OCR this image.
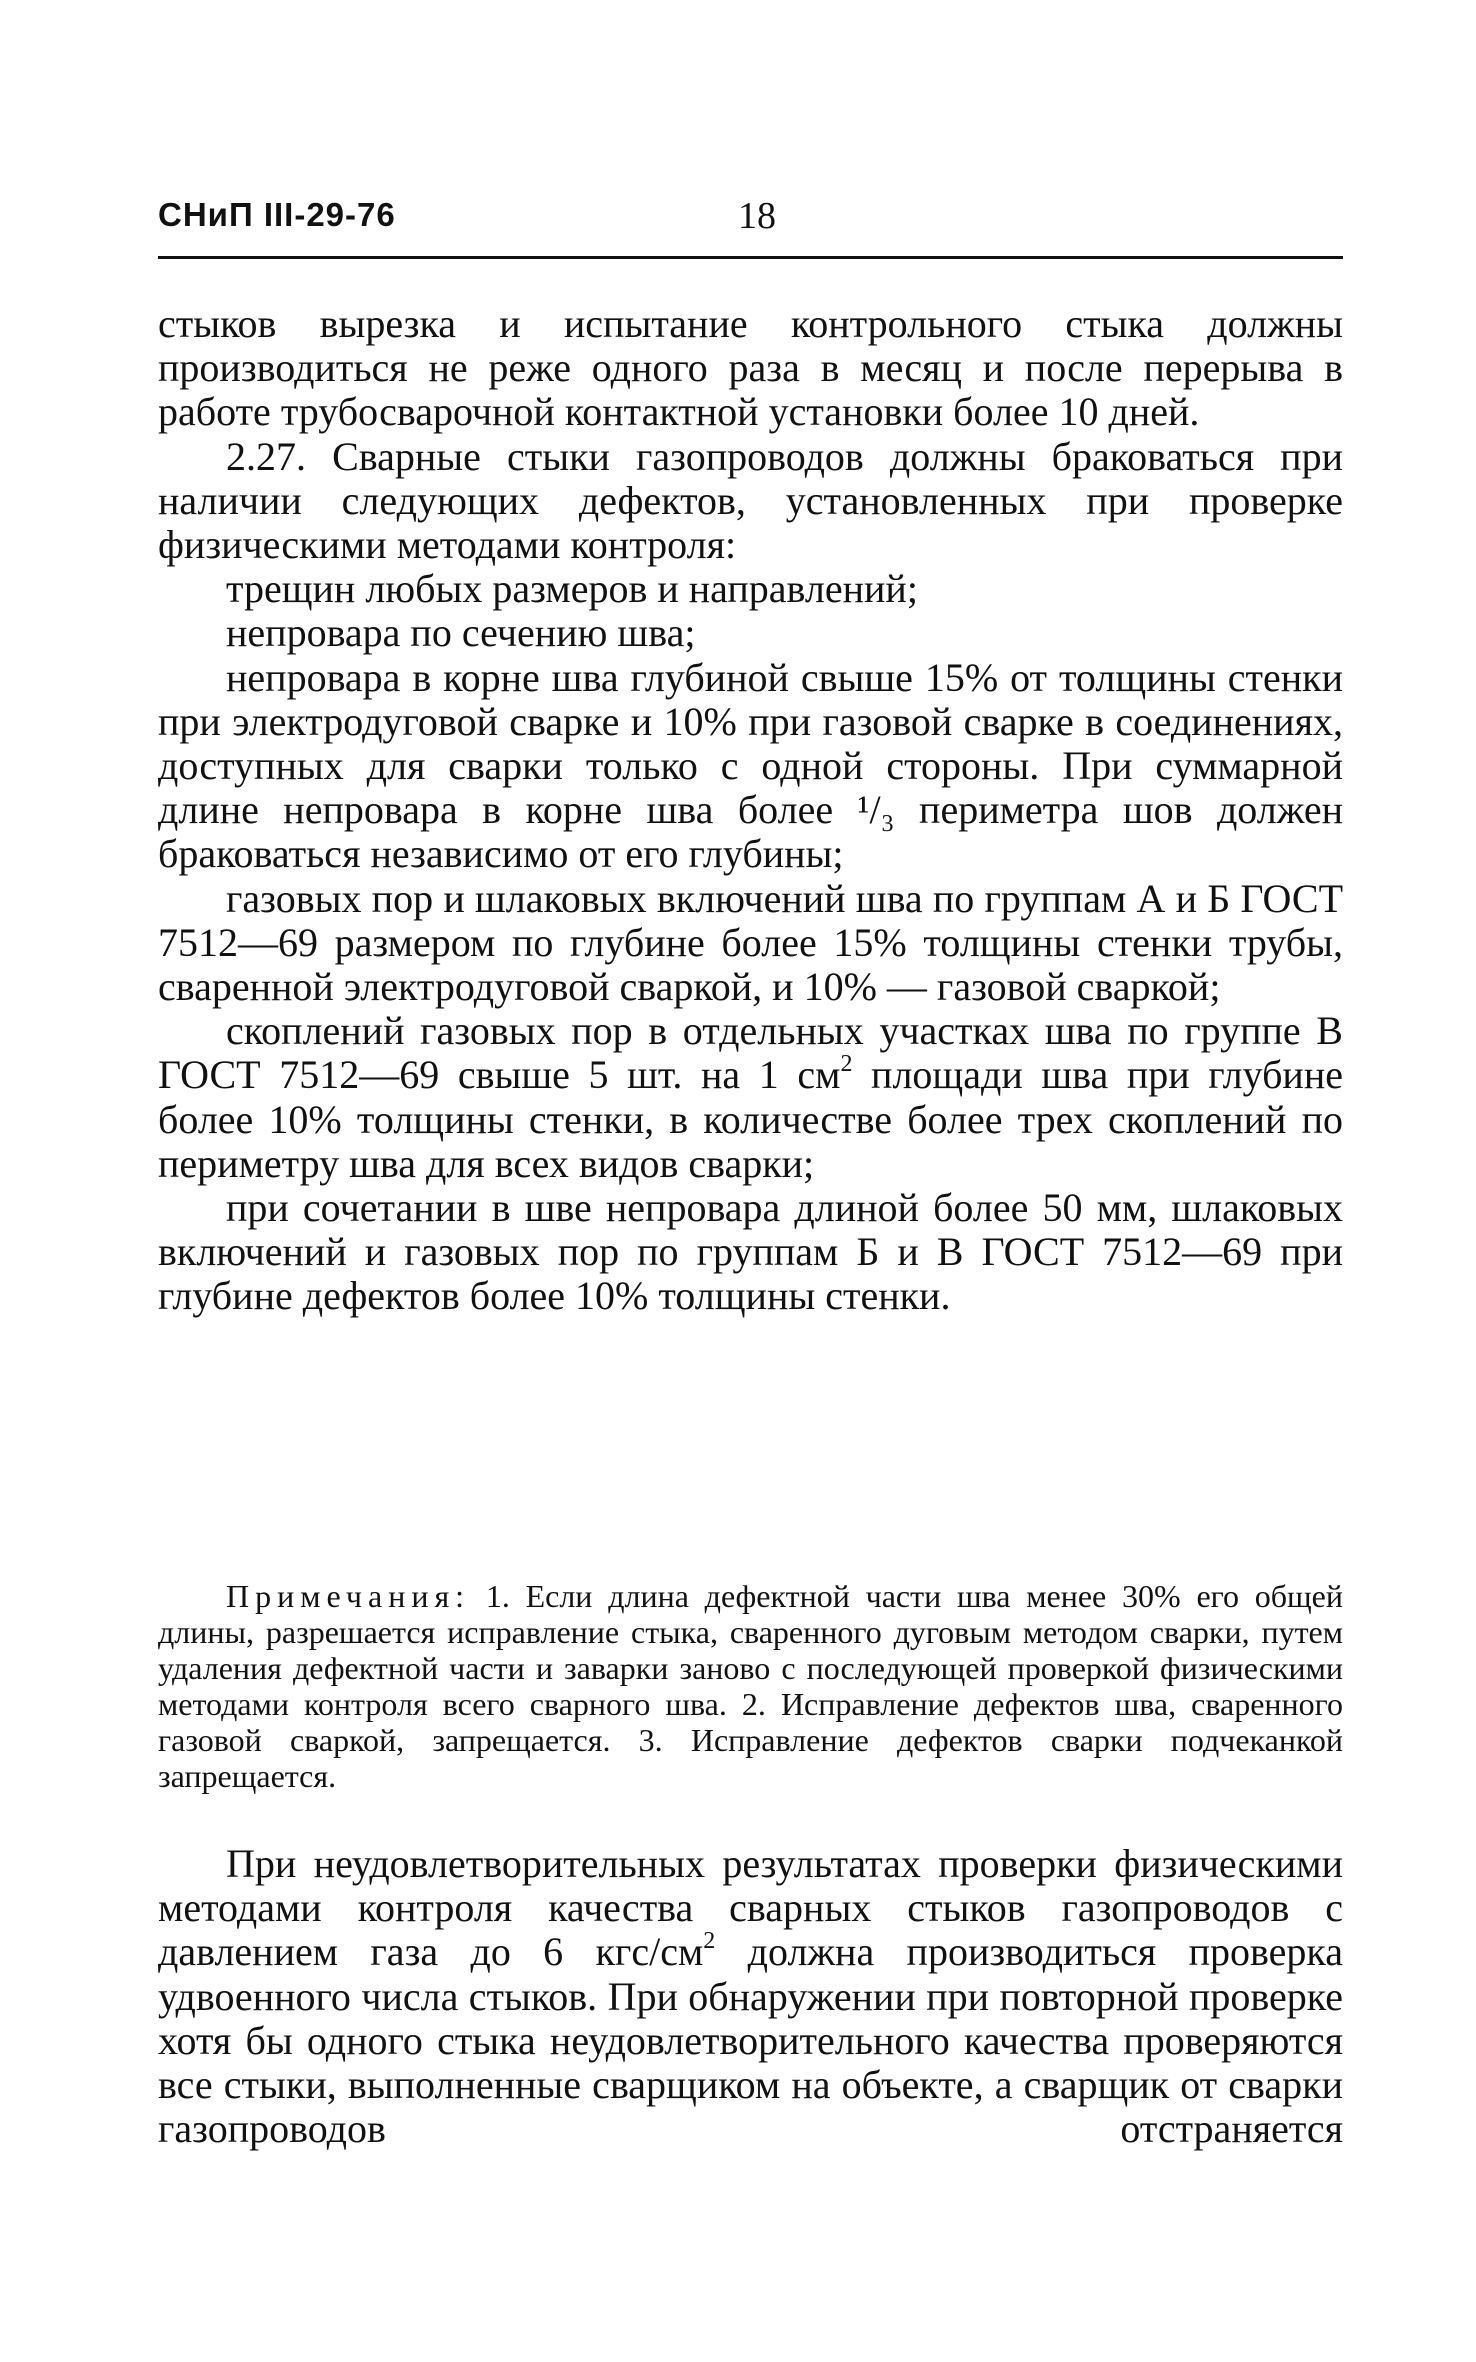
СНиП III-29-76	18

стыков вырезка и испытание контрольного стыка должны производиться не реже одного раза в месяц и после перерыва в работе трубосварочной контактной установки более 10 дней.

2.27. Сварные стыки газопроводов должны браковаться при наличии следующих дефектов, установленных при проверке физическими методами контроля:

трещин любых размеров и направлений;

непровара по сечению шва;

непровара в корне шва глубиной свыше 15% от толщины стенки при электродуговой сварке и 10% при газовой сварке в соединениях, доступных для сварки только с одной стороны. При суммарной длине непровара в корне шва более ¹/₃ периметра шов должен браковаться независимо от его глубины;

газовых пор и шлаковых включений шва по группам А и Б ГОСТ 7512—69 размером по глубине более 15% толщины стенки трубы, сваренной электродуговой сваркой, и 10% — газовой сваркой;

скоплений газовых пор в отдельных участках шва по группе В ГОСТ 7512—69 свыше 5 шт. на 1 $см^2$ площади шва при глубине более 10% толщины стенки, в количестве более трех скоплений по периметру шва для всех видов сварки;

при сочетании в шве непровара длиной более 50 мм, шлаковых включений и газовых пор по группам Б и В ГОСТ 7512—69 при глубине дефектов более 10% толщины стенки.

Примечания: 1. Если длина дефектной части шва менее 30% его общей длины, разрешается исправление стыка, сваренного дуговым методом сварки, путем удаления дефектной части и заварки заново с последующей проверкой физическими методами контроля всего сварного шва. 2. Исправление дефектов шва, сваренного газовой сваркой, запрещается. 3. Исправление дефектов сварки подчеканкой запрещается.

При неудовлетворительных результатах проверки физическими методами контроля качества сварных стыков газопроводов с давлением газа до 6 кгс/$см^2$ должна производиться проверка удвоенного числа стыков. При обнаружении при повторной проверке хотя бы одного стыка неудовлетворительного качества проверяются все стыки, выполненные сварщиком на объекте, а сварщик от сварки газопроводов отстраняется
